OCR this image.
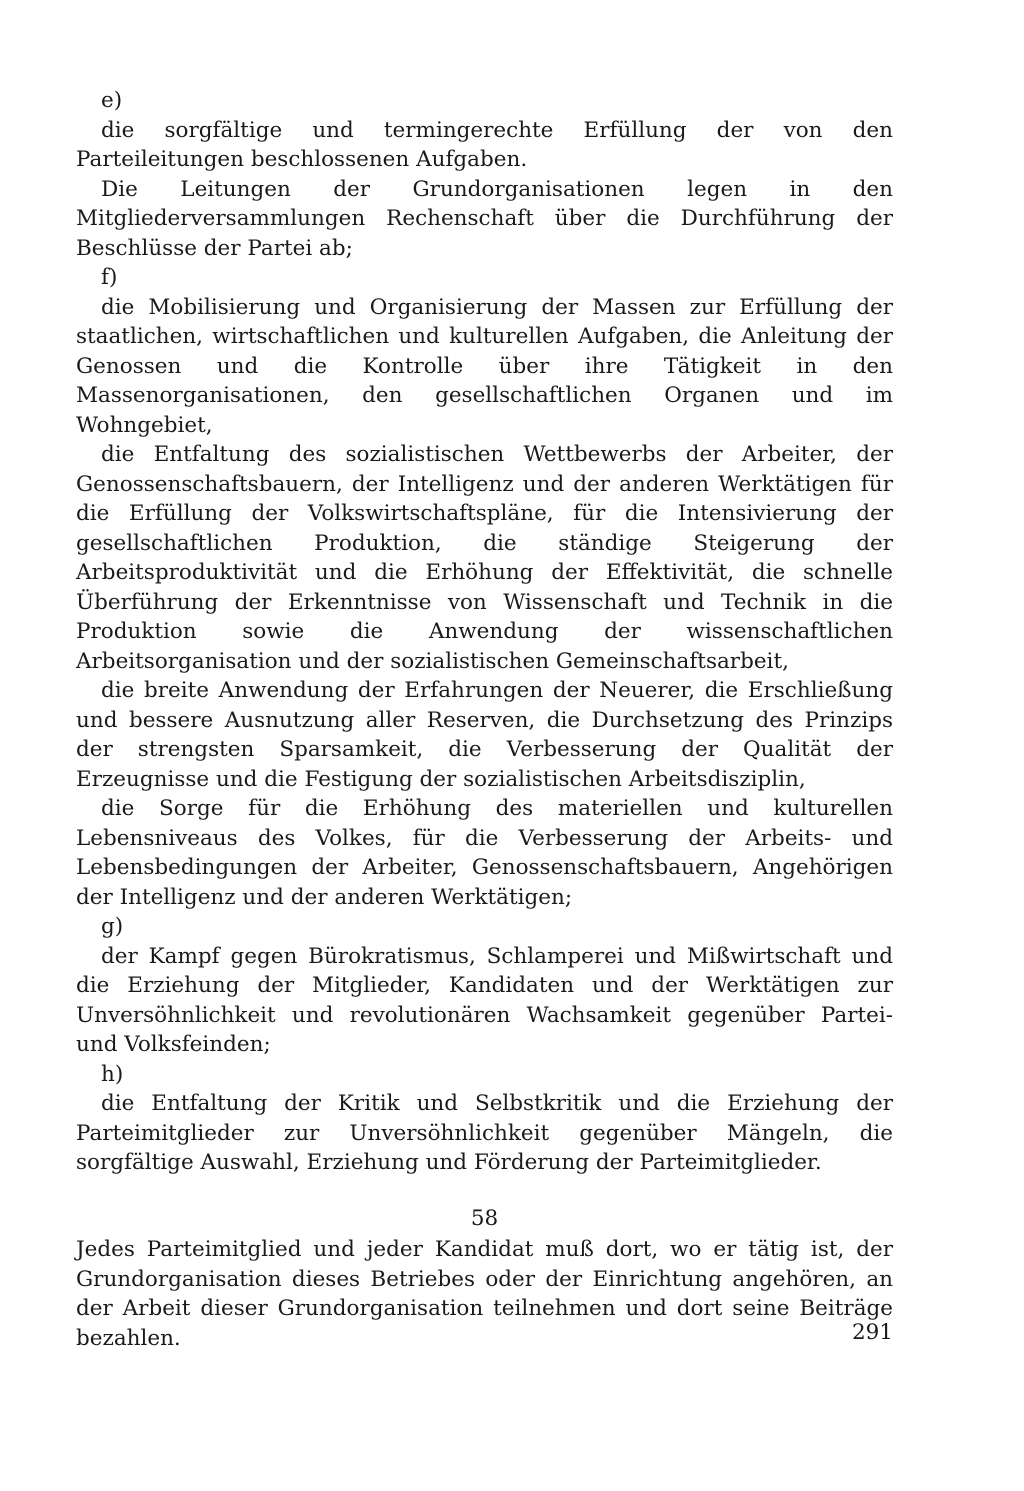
e)

die sorgfältige und termingerechte Erfüllung der von den Parteileitungen beschlossenen Aufgaben.

Die Leitungen der Grundorganisationen legen in den Mitgliederversammlungen Rechenschaft über die Durchführung der Beschlüsse der Partei ab;

f)

die Mobilisierung und Organisierung der Massen zur Erfüllung der staatlichen, wirtschaftlichen und kulturellen Aufgaben, die Anleitung der Genossen und die Kontrolle über ihre Tätigkeit in den Massenorganisationen, den gesellschaftlichen Organen und im Wohngebiet,

die Entfaltung des sozialistischen Wettbewerbs der Arbeiter, der Genossenschaftsbauern, der Intelligenz und der anderen Werktätigen für die Erfüllung der Volkswirtschaftspläne, für die Intensivierung der gesellschaftlichen Produktion, die ständige Steigerung der Arbeitsproduktivität und die Erhöhung der Effektivität, die schnelle Überführung der Erkenntnisse von Wissenschaft und Technik in die Produktion sowie die Anwendung der wissenschaftlichen Arbeitsorganisation und der sozialistischen Gemeinschaftsarbeit,

die breite Anwendung der Erfahrungen der Neuerer, die Erschließung und bessere Ausnutzung aller Reserven, die Durchsetzung des Prinzips der strengsten Sparsamkeit, die Verbesserung der Qualität der Erzeugnisse und die Festigung der sozialistischen Arbeitsdisziplin,

die Sorge für die Erhöhung des materiellen und kulturellen Lebensniveaus des Volkes, für die Verbesserung der Arbeits- und Lebensbedingungen der Arbeiter, Genossenschaftsbauern, Angehörigen der Intelligenz und der anderen Werktätigen;

g)

der Kampf gegen Bürokratismus, Schlamperei und Mißwirtschaft und die Erziehung der Mitglieder, Kandidaten und der Werktätigen zur Unversöhnlichkeit und revolutionären Wachsamkeit gegenüber Partei- und Volksfeinden;

h)

die Entfaltung der Kritik und Selbstkritik und die Erziehung der Parteimitglieder zur Unversöhnlichkeit gegenüber Mängeln, die sorgfältige Auswahl, Erziehung und Förderung der Parteimitglieder.

58

Jedes Parteimitglied und jeder Kandidat muß dort, wo er tätig ist, der Grundorganisation dieses Betriebes oder der Einrichtung angehören, an der Arbeit dieser Grundorganisation teilnehmen und dort seine Beiträge bezahlen.	291
